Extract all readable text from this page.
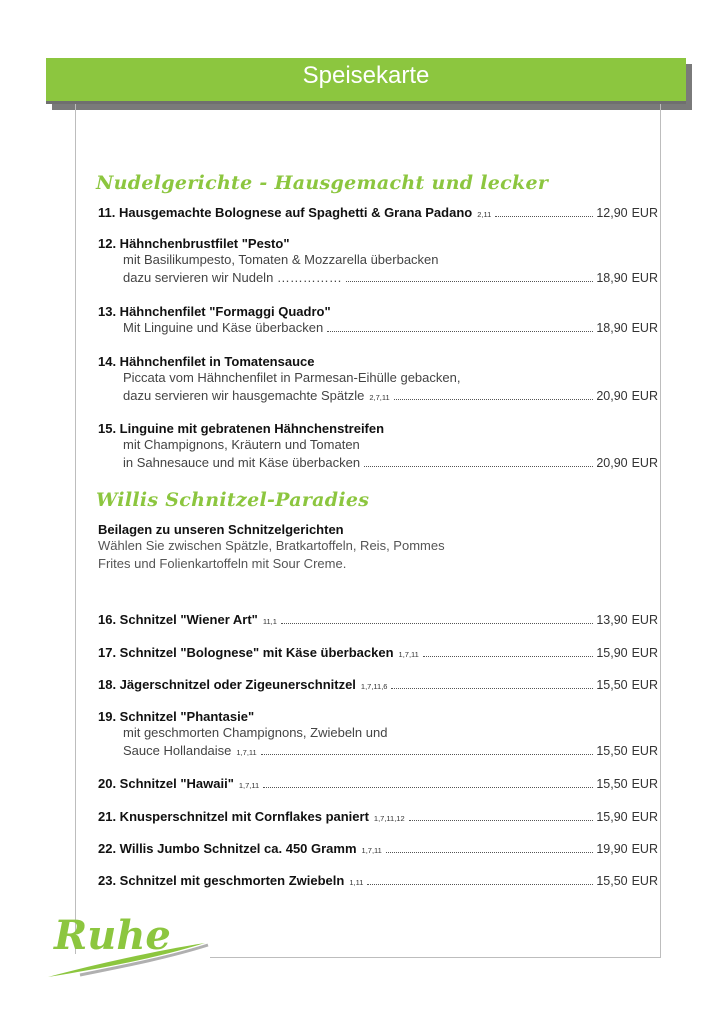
Speisekarte
Nudelgerichte - Hausgemacht und lecker
11. Hausgemachte Bolognese auf Spaghetti & Grana Padano 2,11	12,90 EUR
12. Hähnchenbrustfilet "Pesto"
mit Basilikumpesto, Tomaten & Mozzarella überbacken
dazu servieren wir Nudeln ……………	18,90 EUR
13. Hähnchenfilet "Formaggi Quadro"
Mit Linguine und Käse überbacken	18,90 EUR
14. Hähnchenfilet in Tomatensauce
Piccata vom Hähnchenfilet in Parmesan-Eihülle gebacken,
dazu servieren wir hausgemachte Spätzle 2,7,11	20,90 EUR
15. Linguine mit gebratenen Hähnchenstreifen
mit Champignons, Kräutern und Tomaten
in Sahnesauce und mit Käse überbacken	20,90 EUR
Willis Schnitzel-Paradies
Beilagen zu unseren Schnitzelgerichten
Wählen Sie zwischen Spätzle, Bratkartoffeln, Reis, Pommes
Frites und Folienkartoffeln mit Sour Creme.
16. Schnitzel "Wiener Art" 11,1	13,90 EUR
17. Schnitzel "Bolognese" mit Käse überbacken 1,7,11	15,90 EUR
18. Jägerschnitzel oder Zigeunerschnitzel 1,7,11,6	15,50 EUR
19. Schnitzel "Phantasie"
mit geschmorten Champignons, Zwiebeln und
Sauce Hollandaise 1,7,11	15,50 EUR
20. Schnitzel "Hawaii" 1,7,11	15,50 EUR
21. Knusperschnitzel mit Cornflakes paniert 1,7,11,12	15,90 EUR
22. Willis Jumbo Schnitzel ca. 450 Gramm 1,7,11	19,90 EUR
23. Schnitzel mit geschmorten Zwiebeln 1,11	15,50 EUR
Ruhe
